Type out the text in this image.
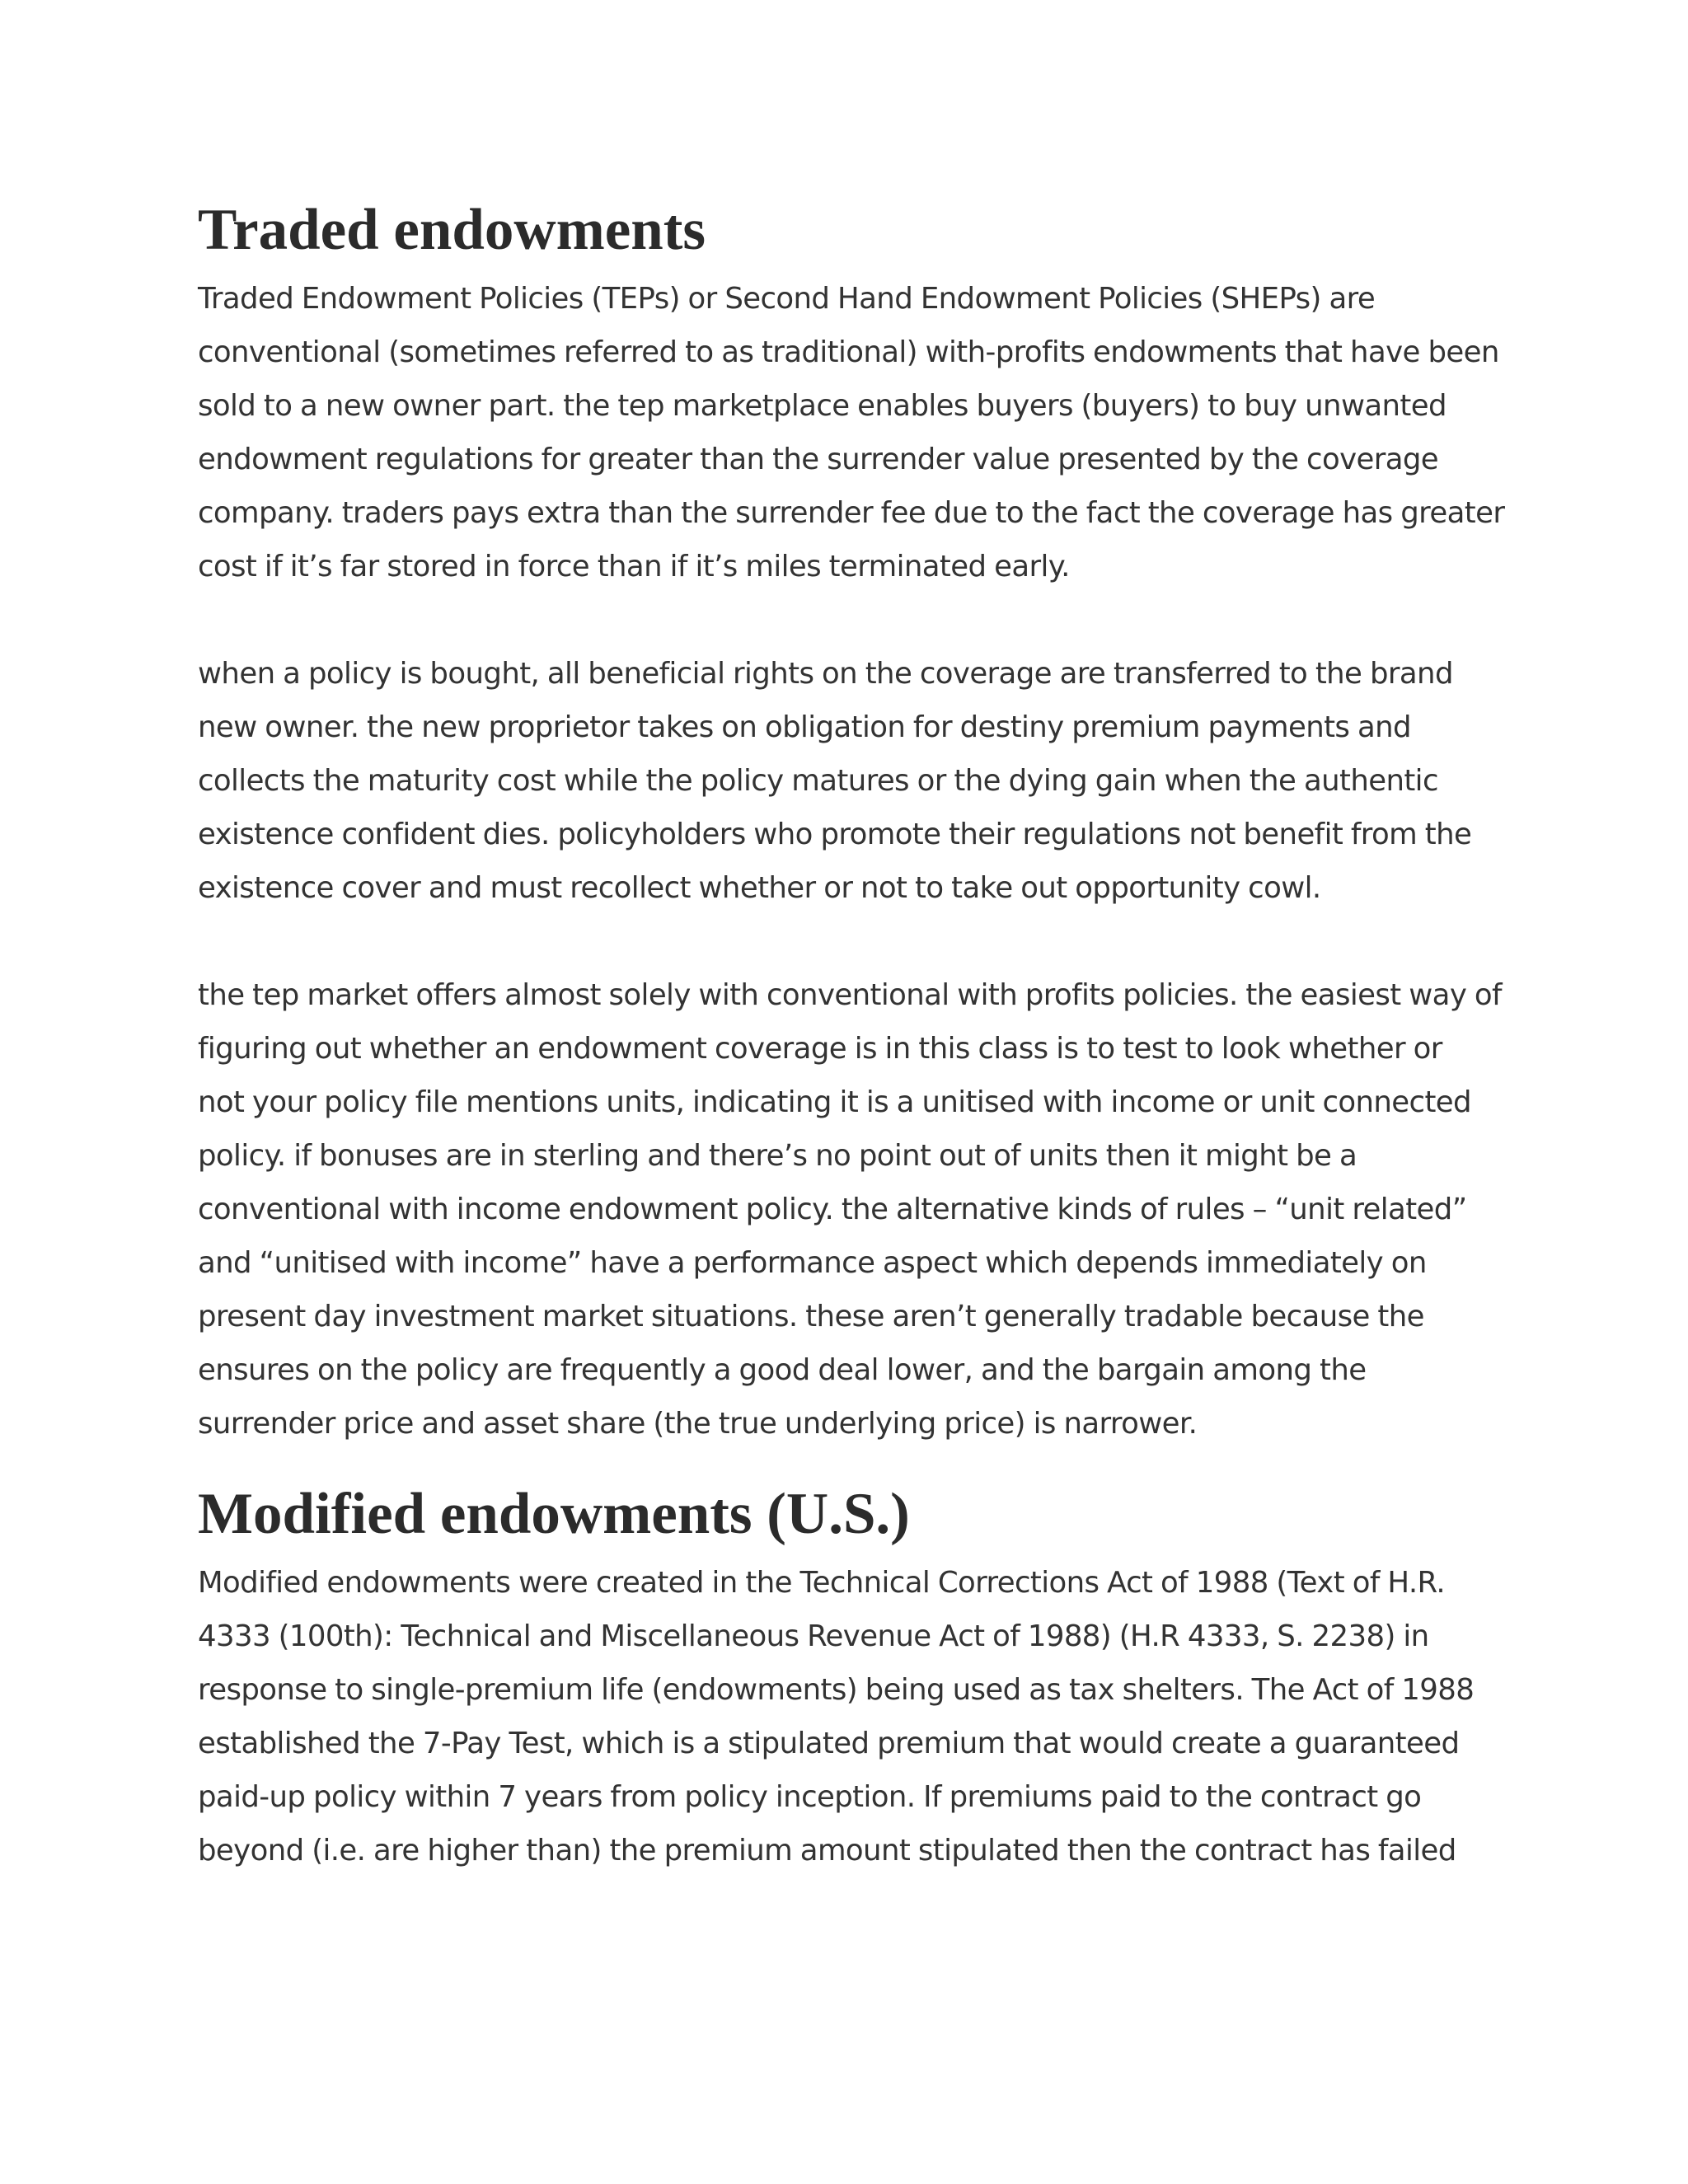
Traded endowments

Traded Endowment Policies (TEPs) or Second Hand Endowment Policies (SHEPs) are
conventional (sometimes referred to as traditional) with-profits endowments that have been
sold to a new owner part. the tep marketplace enables buyers (buyers) to buy unwanted
endowment regulations for greater than the surrender value presented by the coverage
company. traders pays extra than the surrender fee due to the fact the coverage has greater
cost if it’s far stored in force than if it’s miles terminated early.

when a policy is bought, all beneficial rights on the coverage are transferred to the brand
new owner. the new proprietor takes on obligation for destiny premium payments and
collects the maturity cost while the policy matures or the dying gain when the authentic
existence confident dies. policyholders who promote their regulations not benefit from the
existence cover and must recollect whether or not to take out opportunity cowl.

the tep market offers almost solely with conventional with profits policies. the easiest way of
figuring out whether an endowment coverage is in this class is to test to look whether or
not your policy file mentions units, indicating it is a unitised with income or unit connected
policy. if bonuses are in sterling and there’s no point out of units then it might be a
conventional with income endowment policy. the alternative kinds of rules – “unit related”
and “unitised with income” have a performance aspect which depends immediately on
present day investment market situations. these aren’t generally tradable because the
ensures on the policy are frequently a good deal lower, and the bargain among the
surrender price and asset share (the true underlying price) is narrower.

Modified endowments (U.S.)

Modified endowments were created in the Technical Corrections Act of 1988 (Text of H.R.
4333 (100th): Technical and Miscellaneous Revenue Act of 1988) (H.R 4333, S. 2238) in
response to single-premium life (endowments) being used as tax shelters. The Act of 1988
established the 7-Pay Test, which is a stipulated premium that would create a guaranteed
paid-up policy within 7 years from policy inception. If premiums paid to the contract go
beyond (i.e. are higher than) the premium amount stipulated then the contract has failed
